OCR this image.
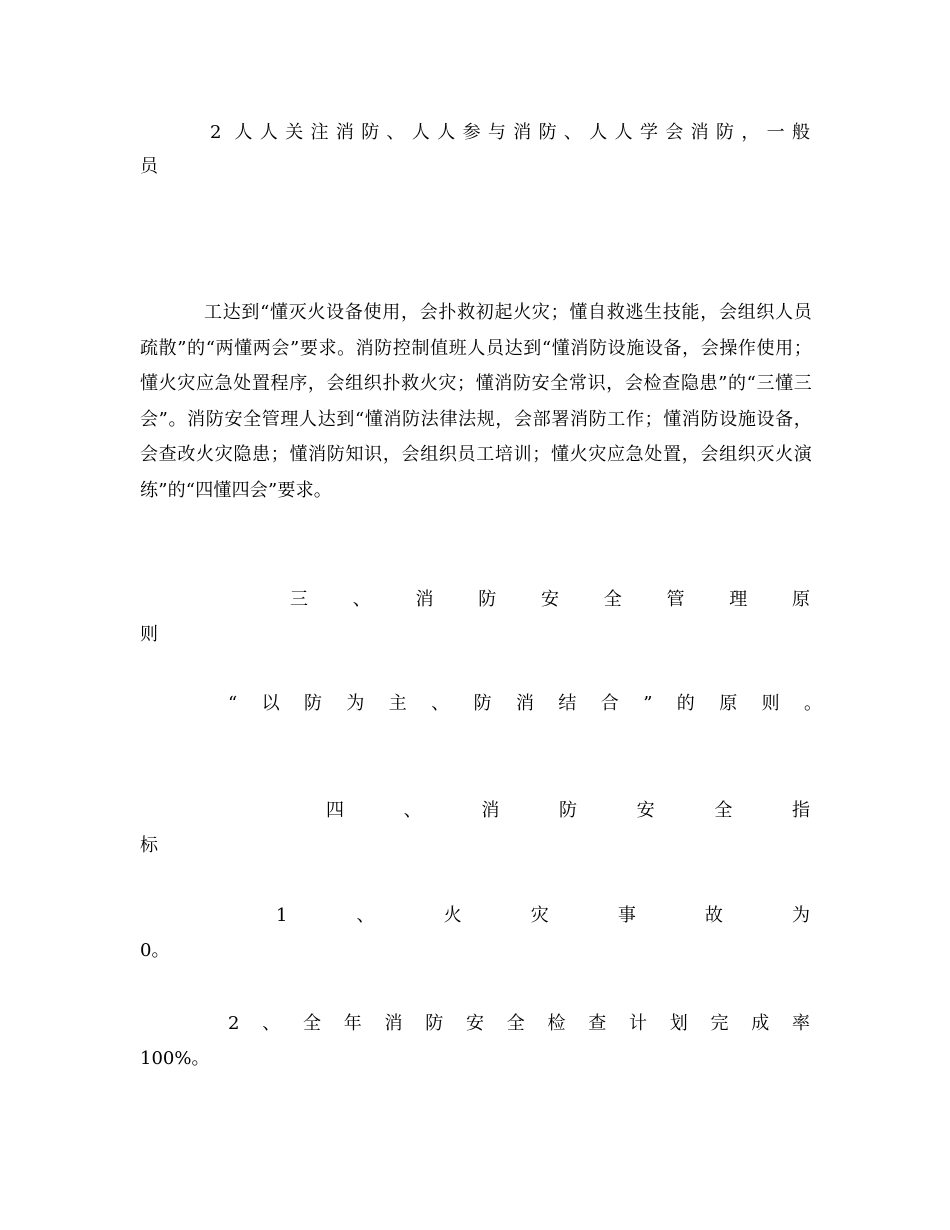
2 人人关注消防、人人参与消防、人人学会消防，一般
员
工达到“懂灭火设备使用，会扑救初起火灾；懂自救逃生技能，会组织人员疏散”的“两懂两会”要求。消防控制值班人员达到“懂消防设施设备，会操作使用；懂火灾应急处置程序，会组织扑救火灾；懂消防安全常识，会检查隐患”的“三懂三会”。消防安全管理人达到“懂消防法律法规，会部署消防工作；懂消防设施设备，会查改火灾隐患；懂消防知识，会组织员工培训；懂火灾应急处置，会组织灭火演练”的“四懂四会”要求。
三、消防安全管理原
则
“以防为主、防消结合”的原则。
四、消防安全指
标
1、火灾事故为
0。
2、全年消防安全检查计划完成率
100%。
